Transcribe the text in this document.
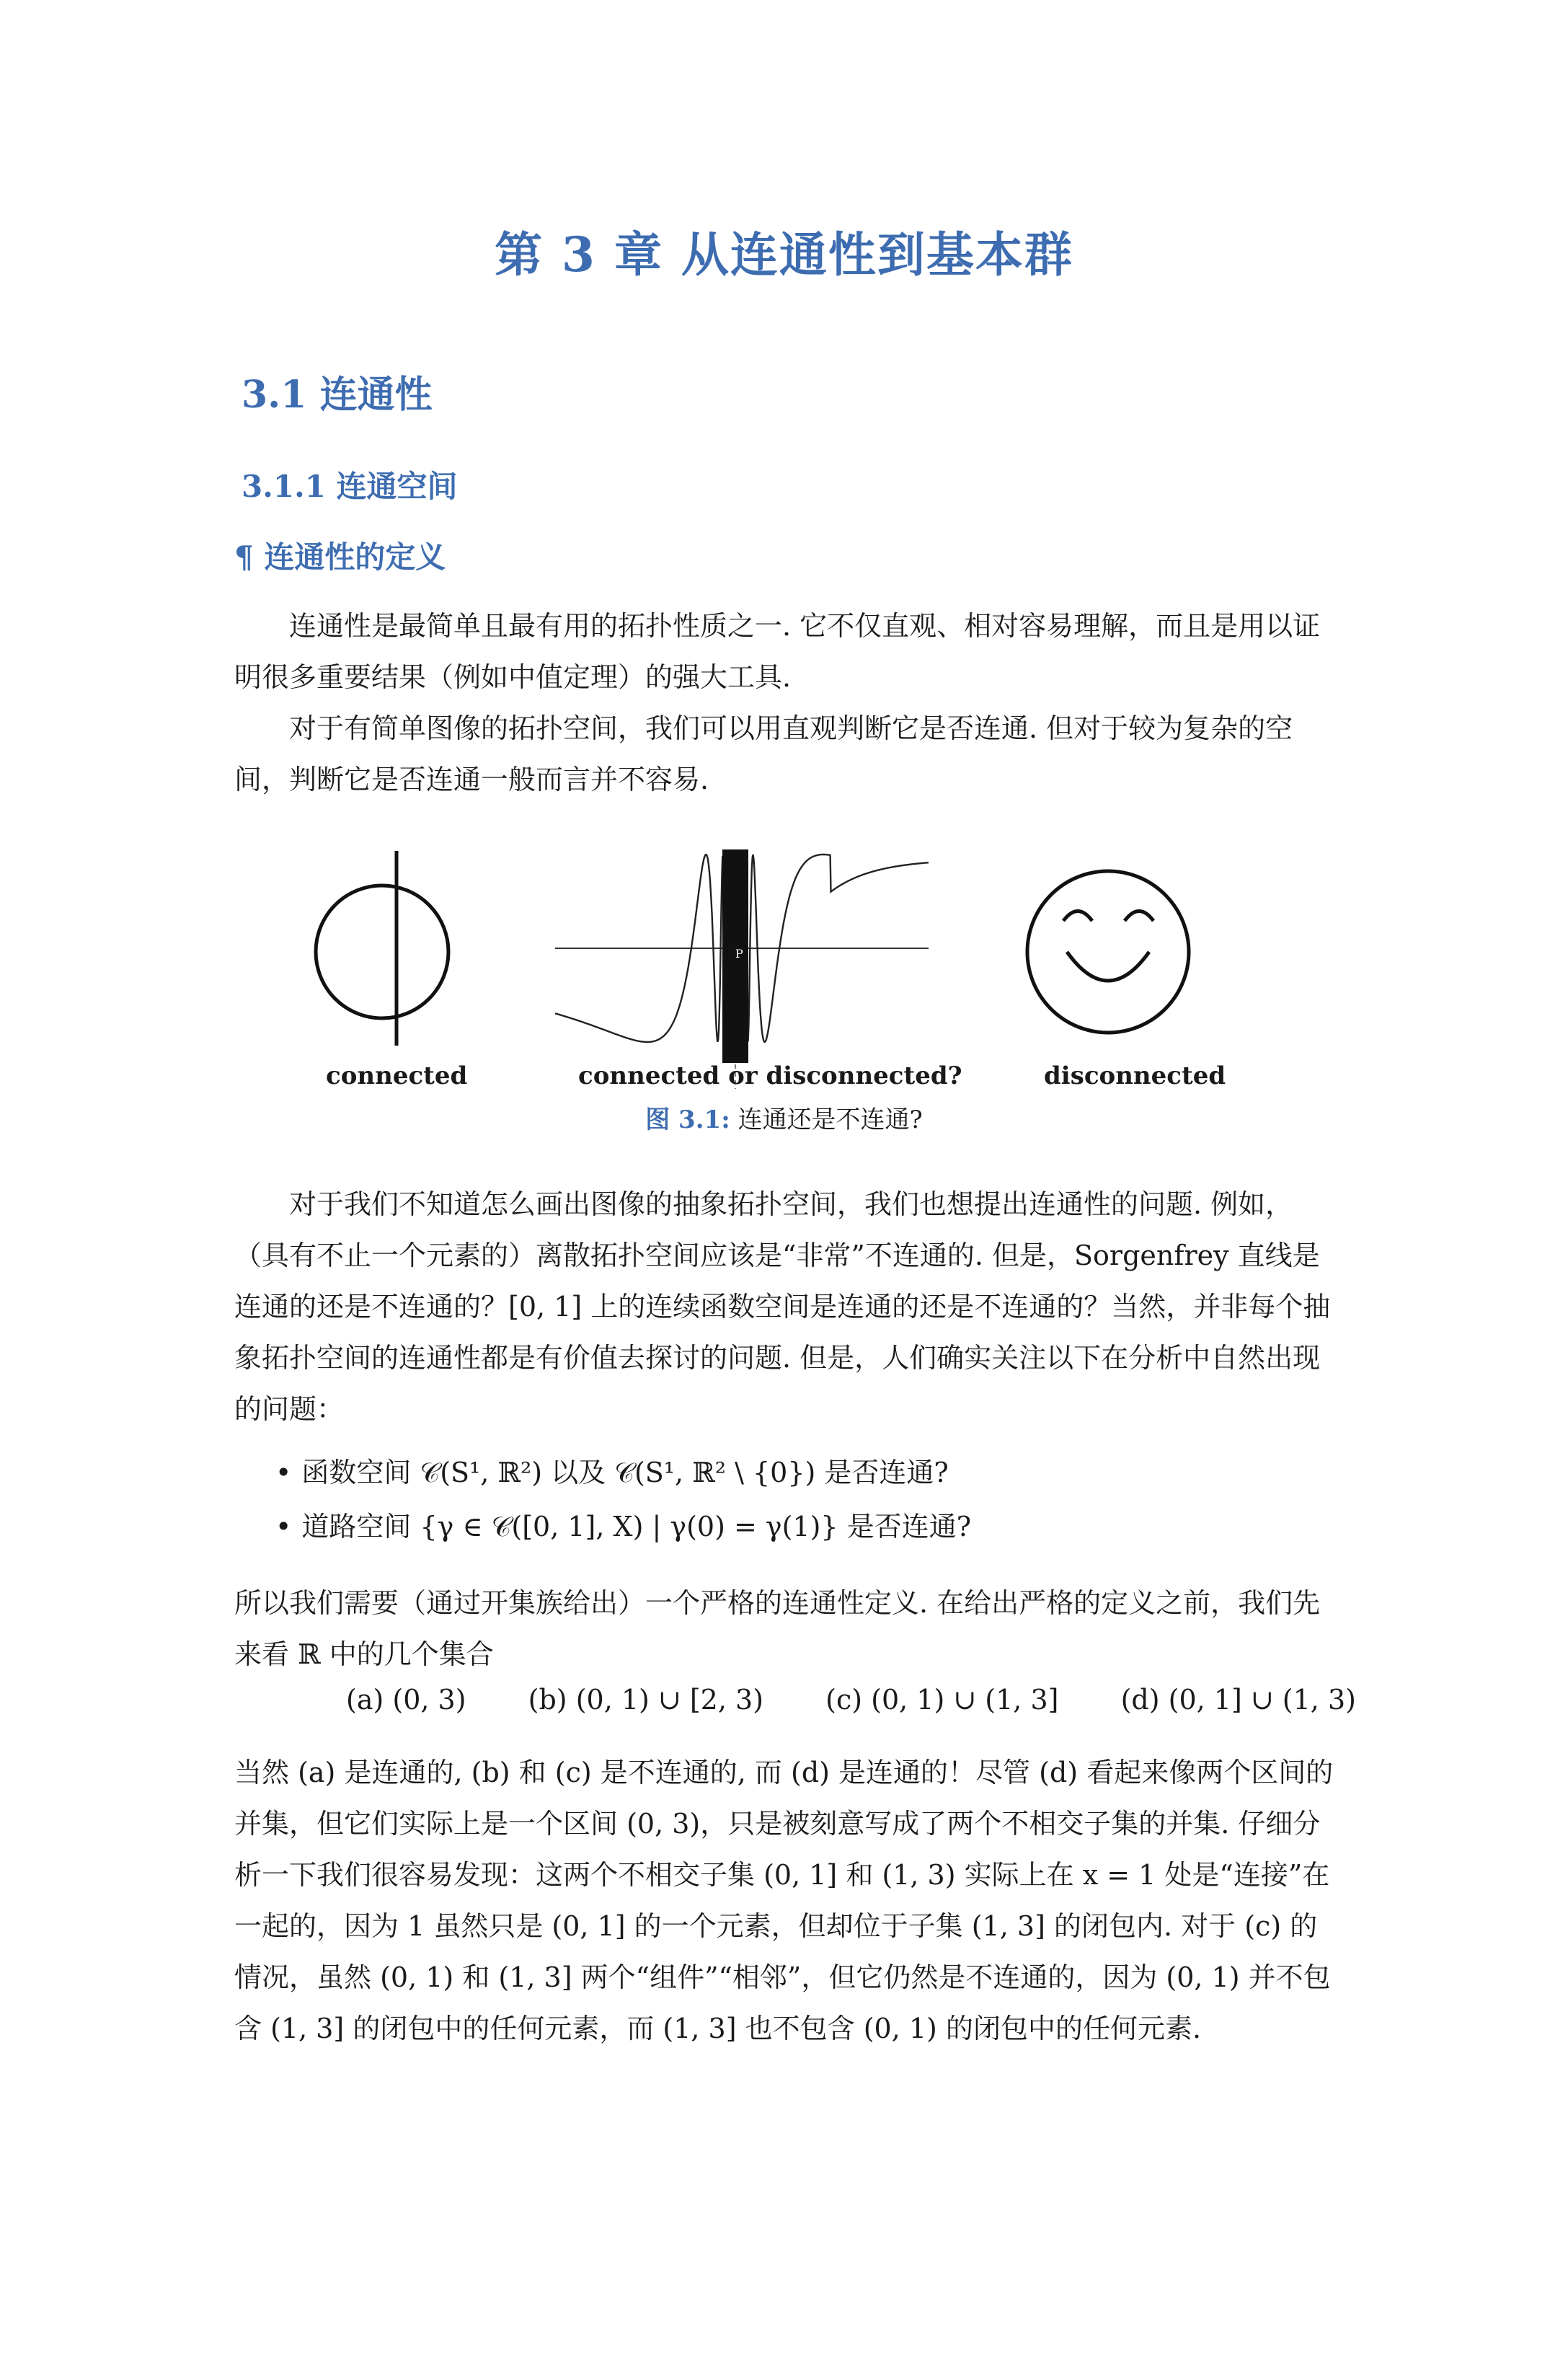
第 3 章 从连通性到基本群
3.1 连通性
3.1.1 连通空间
¶ 连通性的定义

连通性是最简单且最有用的拓扑性质之一. 它不仅直观、相对容易理解，而且是用以证明很多重要结果（例如中值定理）的强大工具.

对于有简单图像的拓扑空间，我们可以用直观判断它是否连通. 但对于较为复杂的空间，判断它是否连通一般而言并不容易.

P
connected	connected or disconnected?	disconnected
图 3.1: 连通还是不连通?

对于我们不知道怎么画出图像的抽象拓扑空间，我们也想提出连通性的问题. 例如，（具有不止一个元素的）离散拓扑空间应该是“非常”不连通的. 但是，Sorgenfrey 直线是连通的还是不连通的？[0, 1] 上的连续函数空间是连通的还是不连通的？当然，并非每个抽象拓扑空间的连通性都是有价值去探讨的问题. 但是，人们确实关注以下在分析中自然出现的问题：

• 函数空间 𝒞(S¹, ℝ²) 以及 𝒞(S¹, ℝ² \ {0}) 是否连通?
• 道路空间 {γ ∈ 𝒞([0, 1], X) | γ(0) = γ(1)} 是否连通?

所以我们需要（通过开集族给出）一个严格的连通性定义. 在给出严格的定义之前，我们先来看 ℝ 中的几个集合

(a) (0, 3) (b) (0, 1) ∪ [2, 3) (c) (0, 1) ∪ (1, 3] (d) (0, 1] ∪ (1, 3)

当然 (a) 是连通的, (b) 和 (c) 是不连通的, 而 (d) 是连通的！尽管 (d) 看起来像两个区间的并集，但它们实际上是一个区间 (0, 3)，只是被刻意写成了两个不相交子集的并集. 仔细分析一下我们很容易发现：这两个不相交子集 (0, 1] 和 (1, 3) 实际上在 x = 1 处是“连接”在一起的，因为 1 虽然只是 (0, 1] 的一个元素，但却位于子集 (1, 3] 的闭包内. 对于 (c) 的情况，虽然 (0, 1) 和 (1, 3] 两个“组件”“相邻”，但它仍然是不连通的，因为 (0, 1) 并不包含 (1, 3] 的闭包中的任何元素，而 (1, 3] 也不包含 (0, 1) 的闭包中的任何元素.
